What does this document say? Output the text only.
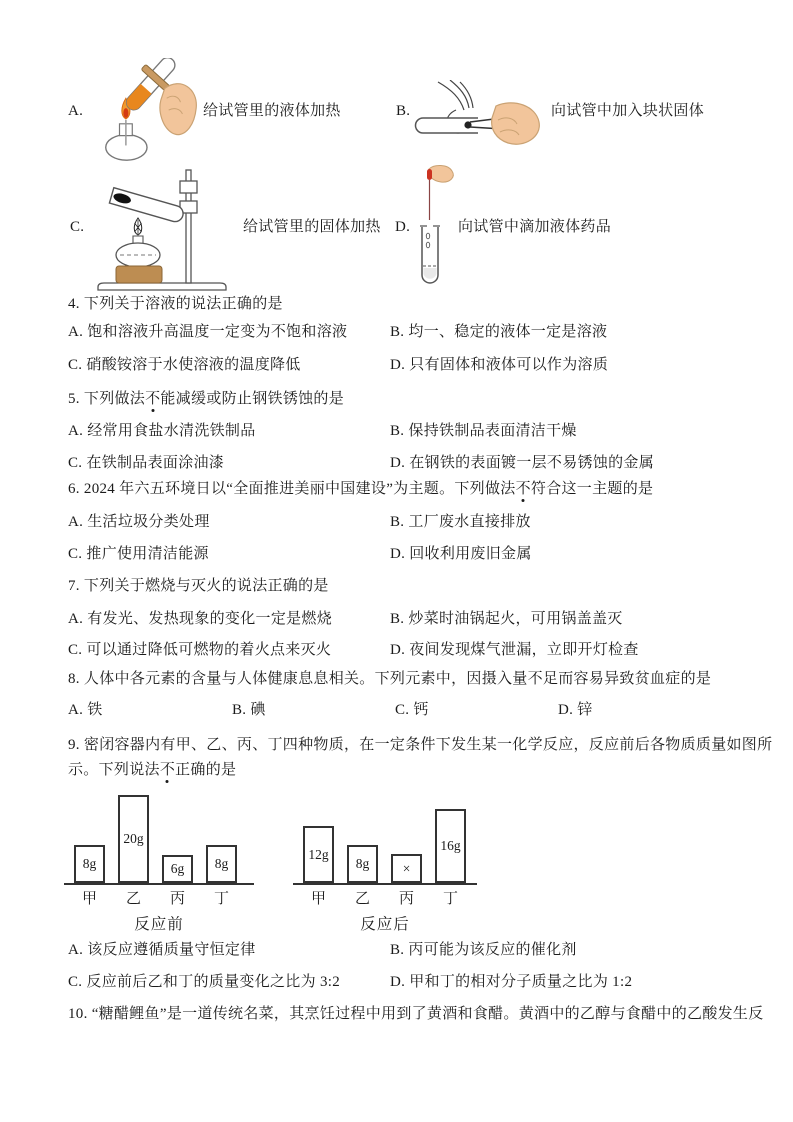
A.	给试管里的液体加热	B.	向试管中加入块状固体
C.	给试管里的固体加热 D.	向试管中滴加液体药品
4. 下列关于溶液的说法正确的是
A. 饱和溶液升高温度一定变为不饱和溶液	B. 均一、稳定的液体一定是溶液
C. 硝酸铵溶于水使溶液的温度降低	D. 只有固体和液体可以作为溶质
5. 下列做法不能减缓或防止钢铁锈蚀的是
A. 经常用食盐水清洗铁制品	B. 保持铁制品表面清洁干燥
C. 在铁制品表面涂油漆	D. 在钢铁的表面镀一层不易锈蚀的金属
6. 2024 年六五环境日以“全面推进美丽中国建设”为主题。下列做法不符合这一主题的是
A. 生活垃圾分类处理	B. 工厂废水直接排放
C. 推广使用清洁能源	D. 回收利用废旧金属
7. 下列关于燃烧与灭火的说法正确的是
A. 有发光、发热现象的变化一定是燃烧	B. 炒菜时油锅起火，可用锅盖盖灭
C. 可以通过降低可燃物的着火点来灭火	D. 夜间发现煤气泄漏，立即开灯检查
8. 人体中各元素的含量与人体健康息息相关。下列元素中，因摄入量不足而容易异致贫血症的是
A. 铁	B. 碘	C. 钙	D. 锌
9. 密闭容器内有甲、乙、丙、丁四种物质，在一定条件下发生某一化学反应，反应前后各物质质量如图所
示。下列说法不正确的是
8g
20g
6g 8g
甲	乙	丙	丁
反应前
12g
8g ×
16g
甲	乙	丙	丁
反应后
A. 该反应遵循质量守恒定律	B. 丙可能为该反应的催化剂
C. 反应前后乙和丁的质量变化之比为 3:2	D. 甲和丁的相对分子质量之比为 1:2
10. “糖醋鲤鱼”是一道传统名菜，其烹饪过程中用到了黄酒和食醋。黄酒中的乙醇与食醋中的乙酸发生反
